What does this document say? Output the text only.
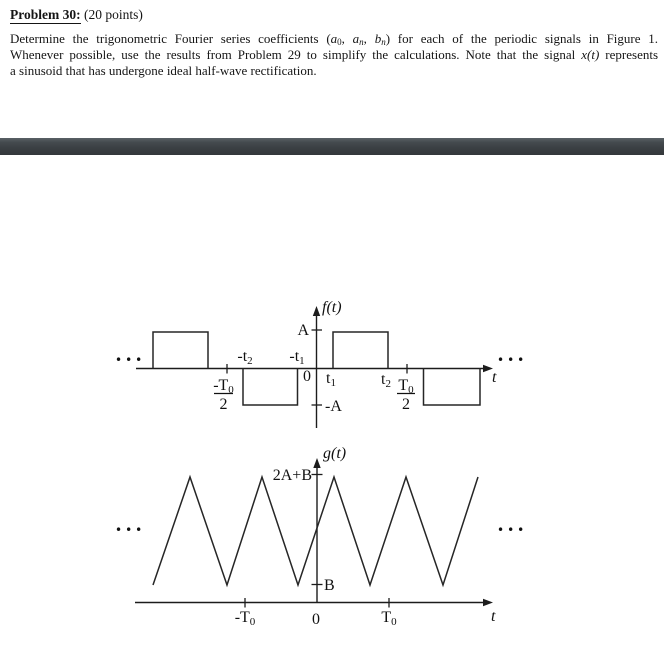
Problem 30: (20 points)
Determine the trigonometric Fourier series coefficients ($a_0$, $a_n$, $b_n$) for each of the periodic signals in Figure 1.
Whenever possible, use the results from Problem 29 to simplify the calculations. Note that the signal x(t) represents
a sinusoid that has undergone ideal half-wave rectification.
f(t)
A
-A
0
-t2 -t1
t1	t2
-T0
2
T0
2
t
•••	•••
g(t)
2A+B
B
0
-T0	T0	t
•••	•••
